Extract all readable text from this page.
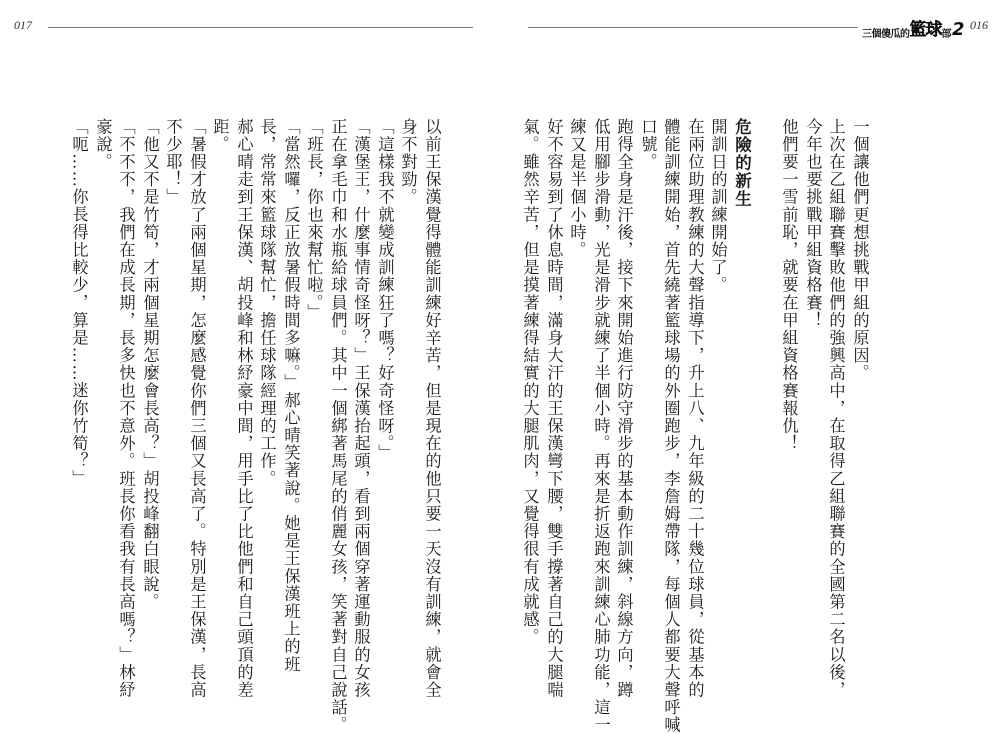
017
三個傻瓜的 籃球 部 2 016
一個讓他們更想挑戰甲組的原因。
上次在乙組聯賽擊敗他們的強興高中，在取得乙組聯賽的全國第二名以後，
今年也要挑戰甲組資格賽！
他們要一雪前恥，就要在甲組資格賽報仇！
危險的新生
開訓日的訓練開始了。
在兩位助理教練的大聲指導下，升上八、九年級的二十幾位球員，從基本的
體能訓練開始，首先繞著籃球場的外圈跑步，李詹姆帶隊，每個人都要大聲呼喊
口號。
跑得全身是汗後，接下來開始進行防守滑步的基本動作訓練，斜線方向，蹲
低用腳步滑動，光是滑步就練了半個小時。再來是折返跑來訓練心肺功能，這一
練又是半個小時。
好不容易到了休息時間，滿身大汗的王保漢彎下腰，雙手撐著自己的大腿喘
氣。雖然辛苦，但是摸著練得結實的大腿肌肉，又覺得很有成就感。
以前王保漢覺得體能訓練好辛苦，但是現在的他只要一天沒有訓練，就會全
身不對勁。
「這樣我不就變成訓練狂了嗎？好奇怪呀。」
「漢堡王，什麼事情奇怪呀？」王保漢抬起頭，看到兩個穿著運動服的女孩
正在拿毛巾和水瓶給球員們。其中一個綁著馬尾的俏麗女孩，笑著對自己說話。
「班長，你也來幫忙啦。」
「當然囉，反正放暑假時間多嘛。」郝心晴笑著說。她是王保漢班上的班
長，常常來籃球隊幫忙，擔任球隊經理的工作。
郝心晴走到王保漢、胡投峰和林紓豪中間，用手比了比他們和自己頭頂的差
距。
「暑假才放了兩個星期，怎麼感覺你們三個又長高了。特別是王保漢，長高
不少耶！」
「他又不是竹筍，才兩個星期怎麼會長高？」胡投峰翻白眼說。
「不不不，我們在成長期，長多快也不意外。班長你看我有長高嗎？」林紓
豪說。
「呃……你長得比較少，算是……迷你竹筍？」
